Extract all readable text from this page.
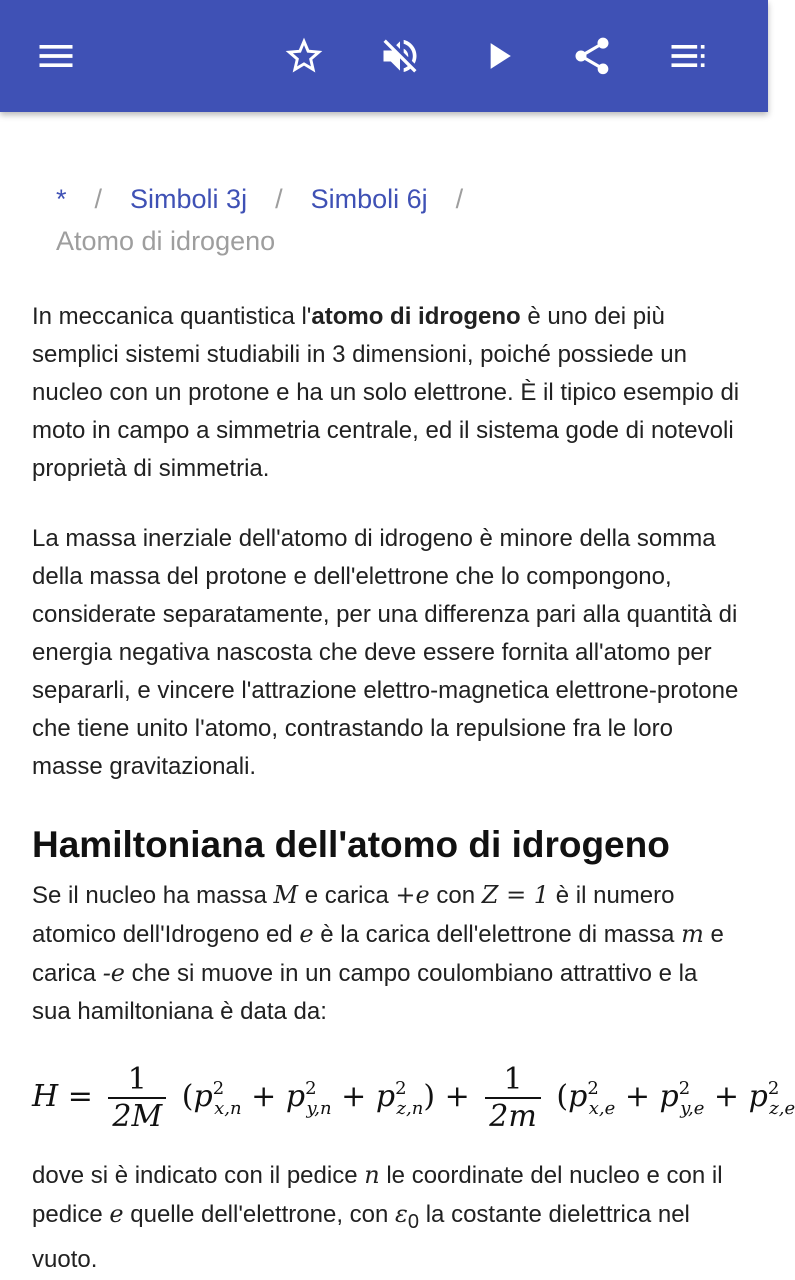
* / Simboli 3j / Simboli 6j /
Atomo di idrogeno

In meccanica quantistica l'atomo di idrogeno è uno dei più semplici sistemi studiabili in 3 dimensioni, poiché possiede un nucleo con un protone e ha un solo elettrone. È il tipico esempio di moto in campo a simmetria centrale, ed il sistema gode di notevoli proprietà di simmetria.

La massa inerziale dell'atomo di idrogeno è minore della somma della massa del protone e dell'elettrone che lo compongono, considerate separatamente, per una differenza pari alla quantità di energia negativa nascosta che deve essere fornita all'atomo per separarli, e vincere l'attrazione elettro-magnetica elettrone-protone che tiene unito l'atomo, contrastando la repulsione fra le loro masse gravitazionali.

Hamiltoniana dell'atomo di idrogeno

Se il nucleo ha massa M e carica +e con Z = 1 è il numero atomico dell'Idrogeno ed e è la carica dell'elettrone di massa m e carica -e che si muove in un campo coulombiano attrattivo e la sua hamiltoniana è data da:

$H = \frac{1}{2M} (p^2_{x,n} + p^2_{y,n} + p^2_{z,n}) + \frac{1}{2m} (p^2_{x,e} + p^2_{y,e} + p^2_{z,e}$

dove si è indicato con il pedice n le coordinate del nucleo e con il pedice e quelle dell'elettrone, con $\varepsilon_0$ la costante dielettrica nel vuoto.
